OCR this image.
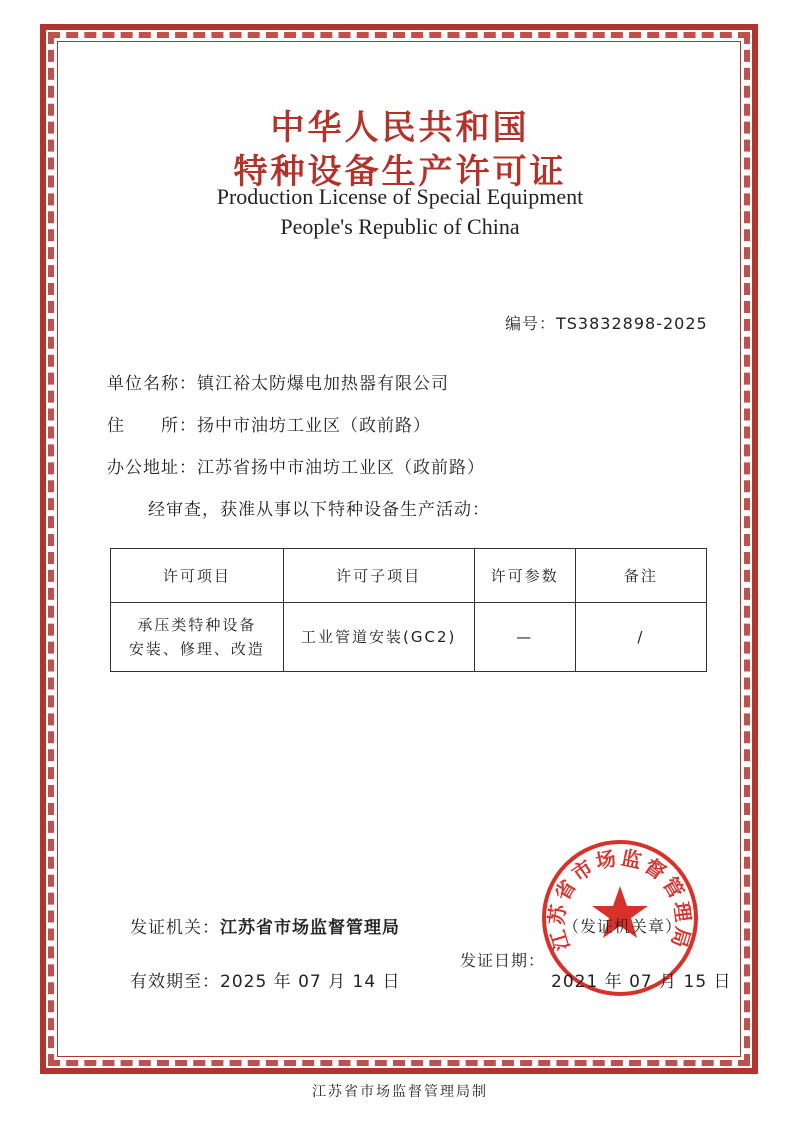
中华人民共和国
特种设备生产许可证
Production License of Special Equipment
People's Republic of China
编号：TS3832898-2025
单位名称：镇江裕太防爆电加热器有限公司
住　　所：扬中市油坊工业区（政前路）
办公地址：江苏省扬中市油坊工业区（政前路）
经审查，获准从事以下特种设备生产活动：
许可项目	许可子项目	许可参数	备注

承压类特种设备
安装、修理、改造	工业管道安装(GC2)	—	/
江苏省市场监督管理局
发证机关：江苏省市场监督管理局	（发证机关章）
发证日期：
有效期至：2025 年 07 月 14 日	2021 年 07 月 15 日
江苏省市场监督管理局制
